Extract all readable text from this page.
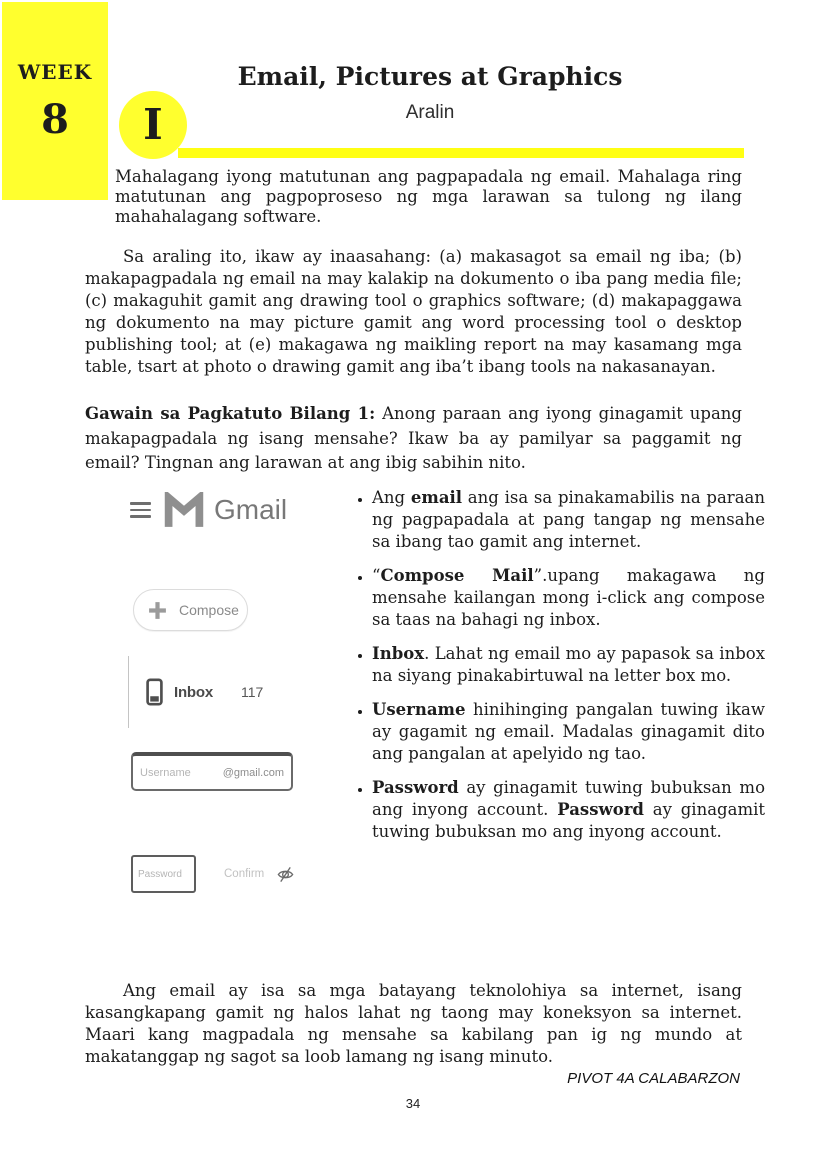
WEEK
8	I
Email, Pictures at Graphics
Aralin

Mahalagang iyong matutunan ang pagpapadala ng email. Mahalaga ring matutunan ang pagpoproseso ng mga larawan sa tulong ng ilang mahahalagang software.

Sa araling ito, ikaw ay inaasahang: (a) makasagot sa email ng iba; (b) makapagpadala ng email na may kalakip na dokumento o iba pang media file; (c) makaguhit gamit ang drawing tool o graphics software; (d) makapaggawa ng dokumento na may picture gamit ang word processing tool o desktop publishing tool; at (e) makagawa ng maikling report na may kasamang mga table, tsart at photo o drawing gamit ang iba’t ibang tools na nakasanayan.

Gawain sa Pagkatuto Bilang 1: Anong paraan ang iyong ginagamit upang makapagpadala ng isang mensahe? Ikaw ba ay pamilyar sa paggamit ng email? Tingnan ang larawan at ang ibig sabihin nito.

Gmail
Compose
Inbox 117
Username	@gmail.com
Password	Confirm
• Ang email ang isa sa pinakamabilis na paraan ng pagpapadala at pang tangap ng mensahe sa ibang tao gamit ang internet.
• “Compose Mail”.upang makagawa ng mensahe kailangan mong i-click ang compose sa taas na bahagi ng inbox.
• Inbox. Lahat ng email mo ay papasok sa inbox na siyang pinakabirtuwal na letter box mo.
• Username hinihinging pangalan tuwing ikaw ay gagamit ng email. Madalas ginagamit dito ang pangalan at apelyido ng tao.
• Password ay ginagamit tuwing bubuksan mo ang inyong account. Password ay ginagamit tuwing bubuksan mo ang inyong account.

Ang email ay isa sa mga batayang teknolohiya sa internet, isang kasangkapang gamit ng halos lahat ng taong may koneksyon sa internet. Maari kang magpadala ng mensahe sa kabilang pan ig ng mundo at makatanggap ng sagot sa loob lamang ng isang minuto.

PIVOT 4A CALABARZON
34
